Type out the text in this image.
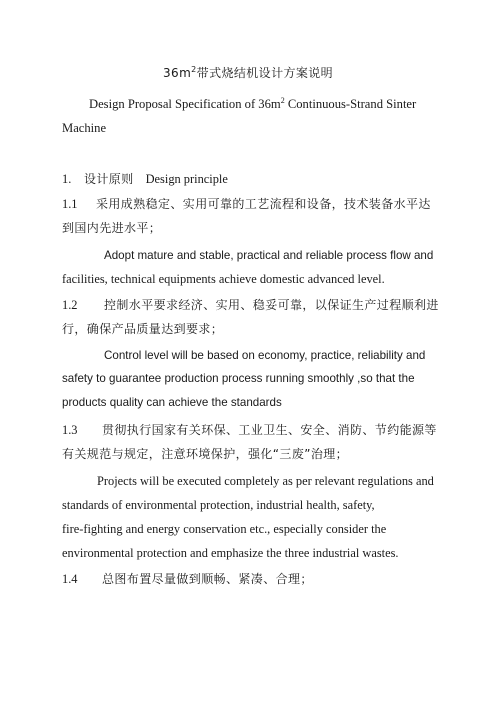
$36m^2$带式烧结机设计方案说明
Design Proposal Specification of $36m^2$ Continuous-Strand Sinter
Machine
1. 设计原则 Design principle
1.1 采用成熟稳定、实用可靠的工艺流程和设备，技术装备水平达
到国内先进水平；
Adopt mature and stable, practical and reliable process flow and
facilities, technical equipments achieve domestic advanced level.
1.2 控制水平要求经济、实用、稳妥可靠，以保证生产过程顺利进
行，确保产品质量达到要求；
Control level will be based on economy, practice, reliability and
safety to guarantee production process running smoothly ,so that the
products quality can achieve the standards
1.3 贯彻执行国家有关环保、工业卫生、安全、消防、节约能源等
有关规范与规定，注意环境保护，强化“三废”治理；
Projects will be executed completely as per relevant regulations and
standards of environmental protection, industrial health, safety,
fire-fighting and energy conservation etc., especially consider the
environmental protection and emphasize the three industrial wastes.
1.4 总图布置尽量做到顺畅、紧凑、合理；
